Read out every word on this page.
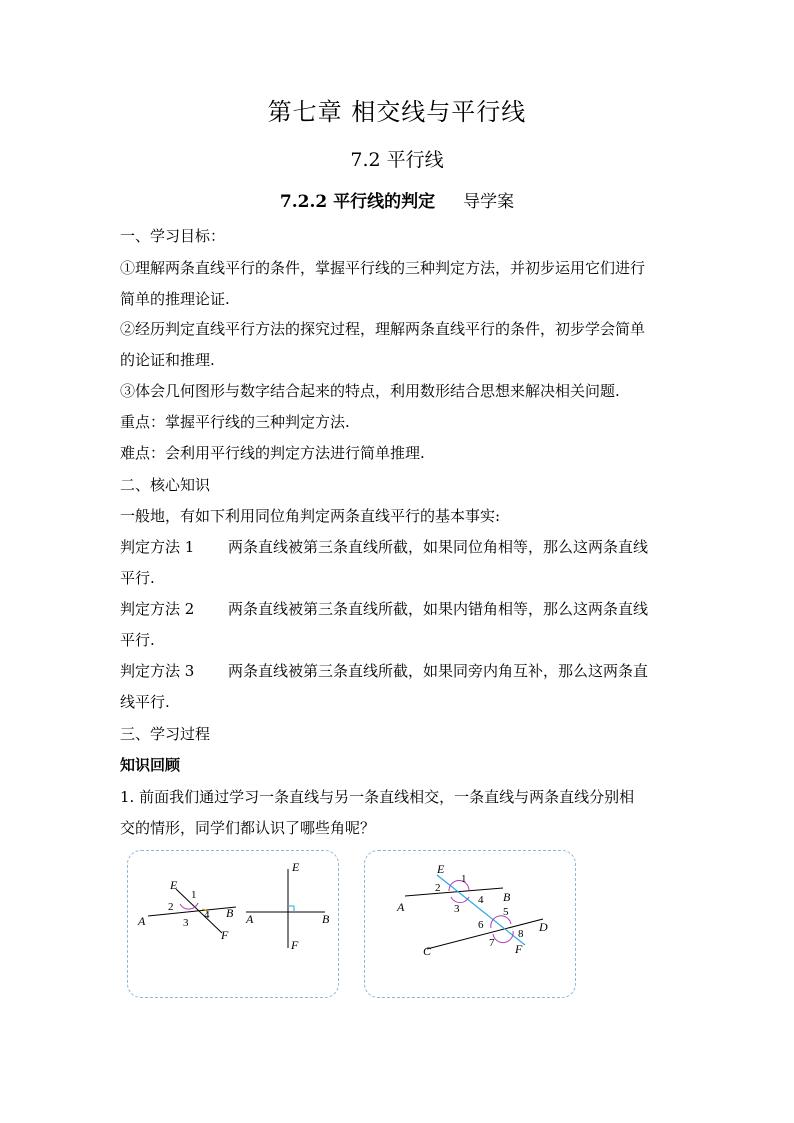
第七章 相交线与平行线
7.2 平行线
7.2.2 平行线的判定 导学案
一、学习目标：
①理解两条直线平行的条件，掌握平行线的三种判定方法，并初步运用它们进行
简单的推理论证.
②经历判定直线平行方法的探究过程，理解两条直线平行的条件，初步学会简单
的论证和推理.
③体会几何图形与数字结合起来的特点，利用数形结合思想来解决相关问题.
重点：掌握平行线的三种判定方法.
难点：会利用平行线的判定方法进行简单推理.
二、核心知识
一般地，有如下利用同位角判定两条直线平行的基本事实:
判定方法 1 两条直线被第三条直线所截，如果同位角相等，那么这两条直线
平行.
判定方法 2 两条直线被第三条直线所截，如果内错角相等，那么这两条直线
平行.
判定方法 3 两条直线被第三条直线所截，如果同旁内角互补，那么这两条直
线平行.
三、学习过程
知识回顾
1. 前面我们通过学习一条直线与另一条直线相交，一条直线与两条直线分别相
交的情形，同学们都认识了哪些角呢？
E
A
B
F
1
2
3
4
E
A	B
F
E
A
B
C
D
F
1
2
3
4
5
6
7
8
